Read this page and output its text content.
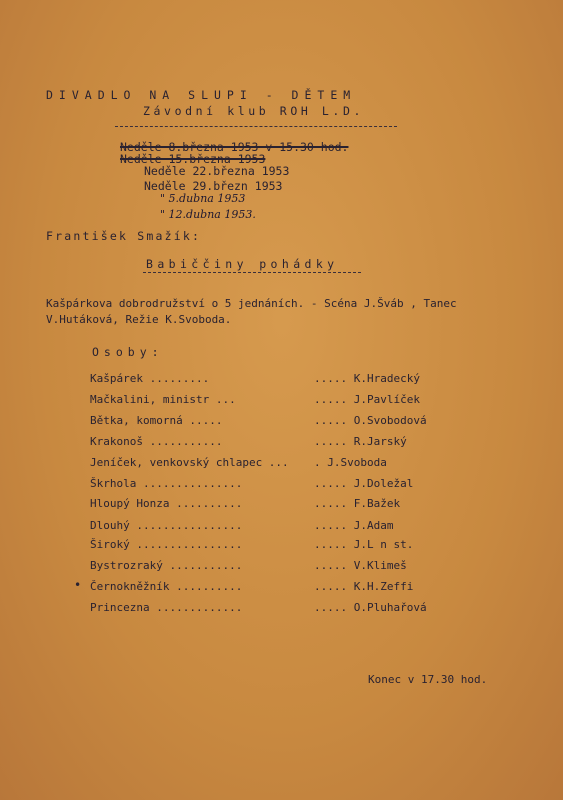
DIVADLO NA SLUPI - DĚTEM
Závodní klub ROH L.D.
Neděle 8.března 1953 v 15.30 hod.
Neděle 15.března 1953
Neděle 22.března 1953
Neděle 29.březn 1953
" 5.dubna 1953
" 12.dubna 1953.
František Smažík:
Babiččiny pohádky
Kašpárkova dobrodružství o 5 jednáních. - Scéna J.Šváb , Tanec
V.Hutáková, Režie K.Svoboda.
Osoby:
Kašpárek .........	..... K.Hradecký
Mačkalini, ministr ...	..... J.Pavlíček
Bětka, komorná .....	..... O.Svobodová
Krakonoš ...........	..... R.Jarský
Jeníček, venkovský chlapec ... . J.Svoboda
Škrhola ...............	..... J.Doležal
Hloupý Honza ..........	..... F.Bažek
Dlouhý ................	..... J.Adam
Široký ................	..... J.L n st.
Bystrozraký ...........	..... V.Klimeš
Černokněžník ..........	..... K.H.Zeffi
Princezna .............	..... O.Pluhařová
•
Konec v 17.30 hod.
